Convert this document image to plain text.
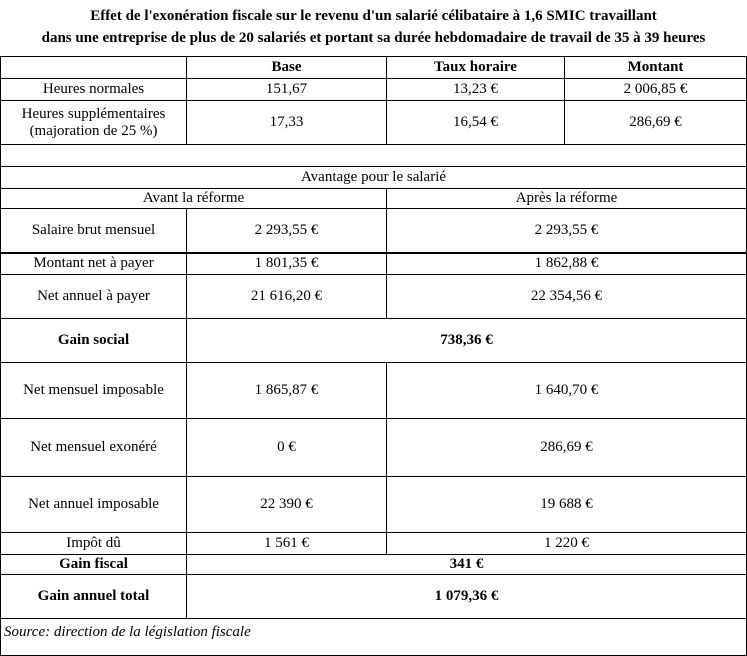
Effet de l'exonération fiscale sur le revenu d'un salarié célibataire à 1,6 SMIC travaillant
dans une entreprise de plus de 20 salariés et portant sa durée hebdomadaire de travail de 35 à 39 heures
	Base	Taux horaire	Montant
Heures normales	151,67	13,23 €	2 006,85 €
Heures supplémentaires (majoration de 25 %)	17,33	16,54 €	286,69 €

Avantage pour le salarié			
Avant la réforme		Après la réforme	
Salaire brut mensuel	2 293,55 €	2 293,55 €	
Montant net à payer	1 801,35 €	1 862,88 €	
Net annuel à payer	21 616,20 €	22 354,56 €	
Gain social	738,36 €		
Net mensuel imposable	1 865,87 €	1 640,70 €	
Net mensuel exonéré	0 €	286,69 €	
Net annuel imposable	22 390 €	19 688 €	
Impôt dû	1 561 €	1 220 €	
Gain fiscal	341 €		
Gain annuel total	1 079,36 €		
Source: direction de la législation fiscale
